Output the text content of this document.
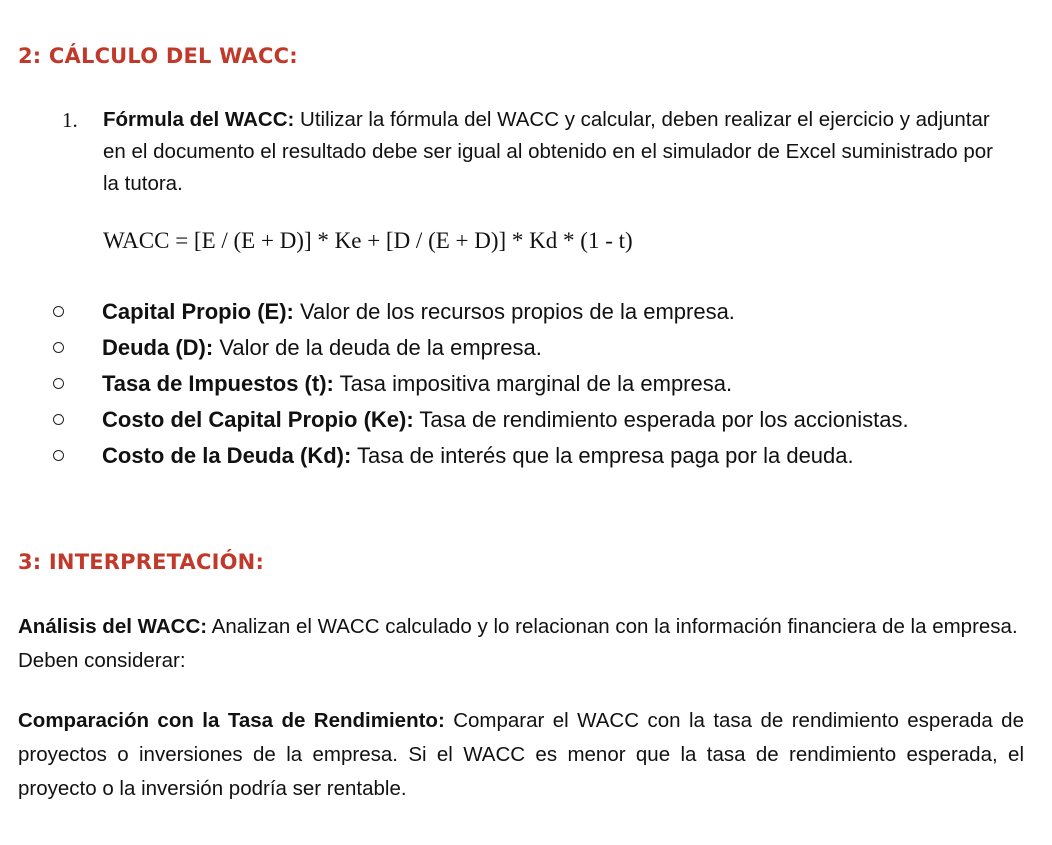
2: CÁLCULO DEL WACC:
1. Fórmula del WACC: Utilizar la fórmula del WACC y calcular, deben realizar el ejercicio y adjuntar en el documento el resultado debe ser igual al obtenido en el simulador de Excel suministrado por la tutora.
WACC = [E / (E + D)] * Ke + [D / (E + D)] * Kd * (1 - t)
Capital Propio (E): Valor de los recursos propios de la empresa.
Deuda (D): Valor de la deuda de la empresa.
Tasa de Impuestos (t): Tasa impositiva marginal de la empresa.
Costo del Capital Propio (Ke): Tasa de rendimiento esperada por los accionistas.
Costo de la Deuda (Kd): Tasa de interés que la empresa paga por la deuda.
3: INTERPRETACIÓN:
Análisis del WACC: Analizan el WACC calculado y lo relacionan con la información financiera de la empresa. Deben considerar:
Comparación con la Tasa de Rendimiento: Comparar el WACC con la tasa de rendimiento esperada de proyectos o inversiones de la empresa. Si el WACC es menor que la tasa de rendimiento esperada, el proyecto o la inversión podría ser rentable.
